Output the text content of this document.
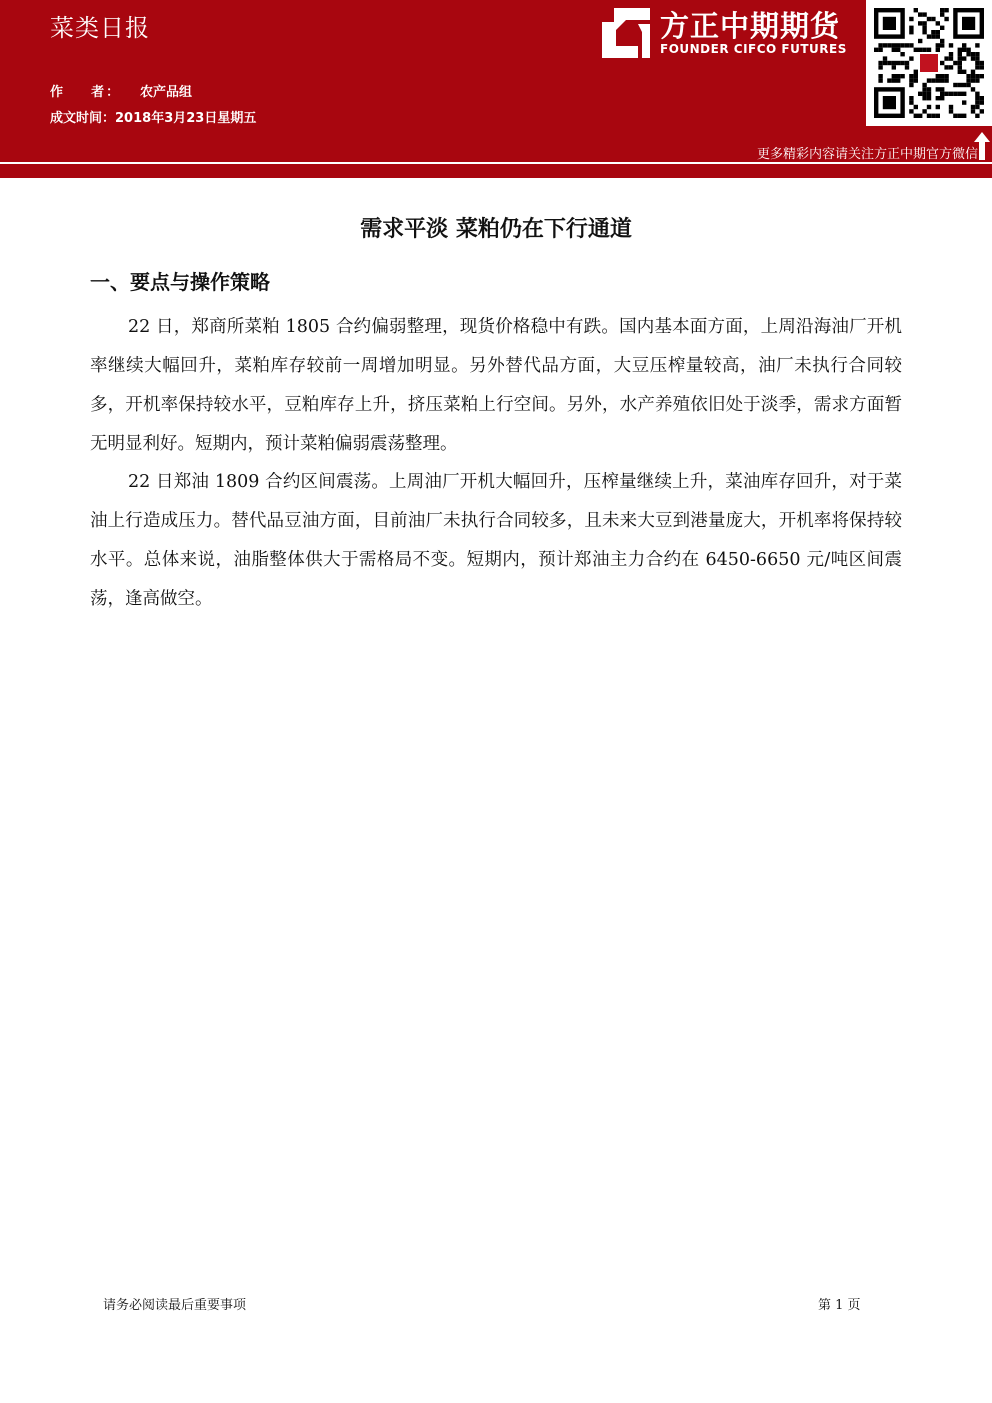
菜类日报
作    者： 农产品组
成文时间：2018年3月23日星期五
方正中期期货
FOUNDER CIFCO FUTURES
更多精彩内容请关注方正中期官方微信
需求平淡 菜粕仍在下行通道
一、要点与操作策略

22 日，郑商所菜粕 1805 合约偏弱整理，现货价格稳中有跌。国内基本面方面，上周沿海油厂开机率继续大幅回升，菜粕库存较前一周增加明显。另外替代品方面，大豆压榨量较高，油厂未执行合同较多，开机率保持较水平，豆粕库存上升，挤压菜粕上行空间。另外，水产养殖依旧处于淡季，需求方面暂无明显利好。短期内，预计菜粕偏弱震荡整理。

22 日郑油 1809 合约区间震荡。上周油厂开机大幅回升，压榨量继续上升，菜油库存回升，对于菜油上行造成压力。替代品豆油方面，目前油厂未执行合同较多，且未来大豆到港量庞大，开机率将保持较水平。总体来说，油脂整体供大于需格局不变。短期内，预计郑油主力合约在 6450-6650 元/吨区间震荡，逢高做空。

请务必阅读最后重要事项	第 1 页
